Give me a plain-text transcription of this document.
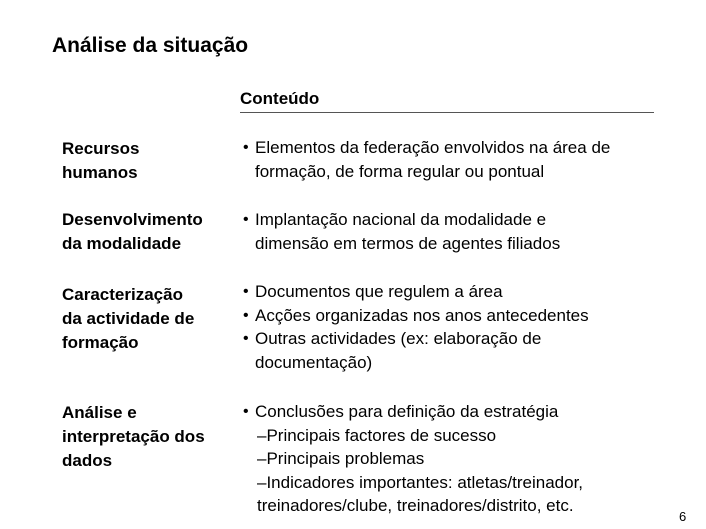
Análise da situação
Conteúdo
Recursos
humanos
• Elementos da federação envolvidos na área de formação, de forma regular ou pontual
Desenvolvimento
da modalidade
• Implantação nacional da modalidade e dimensão em termos de agentes filiados
Caracterização
da actividade de
formação
• Documentos que regulem a área
• Acções organizadas nos anos antecedentes
• Outras actividades (ex: elaboração de documentação)
Análise e
interpretação dos
dados
• Conclusões para definição da estratégia
–Principais factores de sucesso
–Principais problemas
–Indicadores importantes: atletas/treinador, treinadores/clube, treinadores/distrito, etc.
6
